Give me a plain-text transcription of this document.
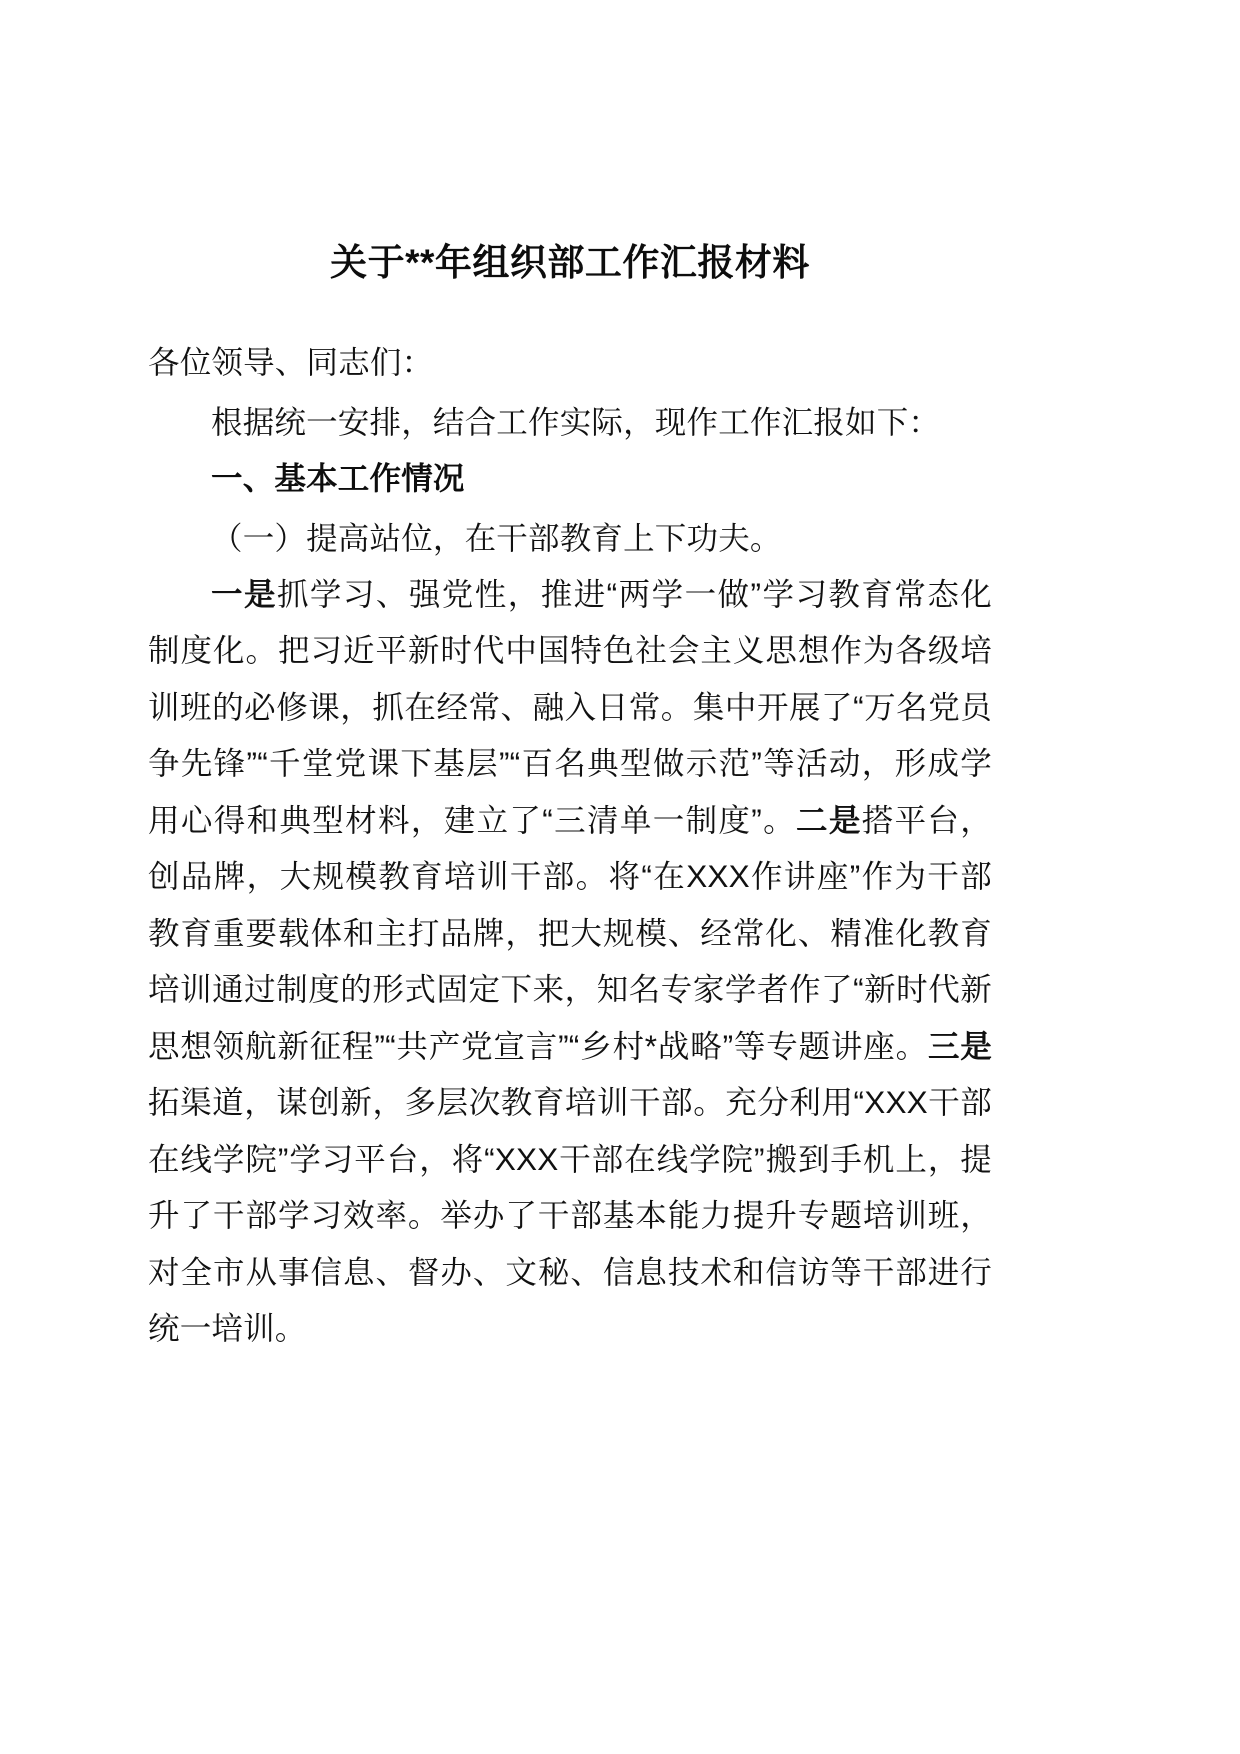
关于**年组织部工作汇报材料

各位领导、同志们：

根据统一安排，结合工作实际，现作工作汇报如下：

一、基本工作情况

（一）提高站位，在干部教育上下功夫。

一是抓学习、强党性，推进“两学一做”学习教育常态化制度化。把习近平新时代中国特色社会主义思想作为各级培训班的必修课，抓在经常、融入日常。集中开展了“万名党员争先锋”“千堂党课下基层”“百名典型做示范”等活动，形成学用心得和典型材料，建立了“三清单一制度”。二是搭平台，创品牌，大规模教育培训干部。将“在XXX作讲座”作为干部教育重要载体和主打品牌，把大规模、经常化、精准化教育培训通过制度的形式固定下来，知名专家学者作了“新时代新思想领航新征程”“共产党宣言”“乡村*战略”等专题讲座。三是拓渠道，谋创新，多层次教育培训干部。充分利用“XXX干部在线学院”学习平台，将“XXX干部在线学院”搬到手机上，提升了干部学习效率。举办了干部基本能力提升专题培训班，对全市从事信息、督办、文秘、信息技术和信访等干部进行统一培训。
